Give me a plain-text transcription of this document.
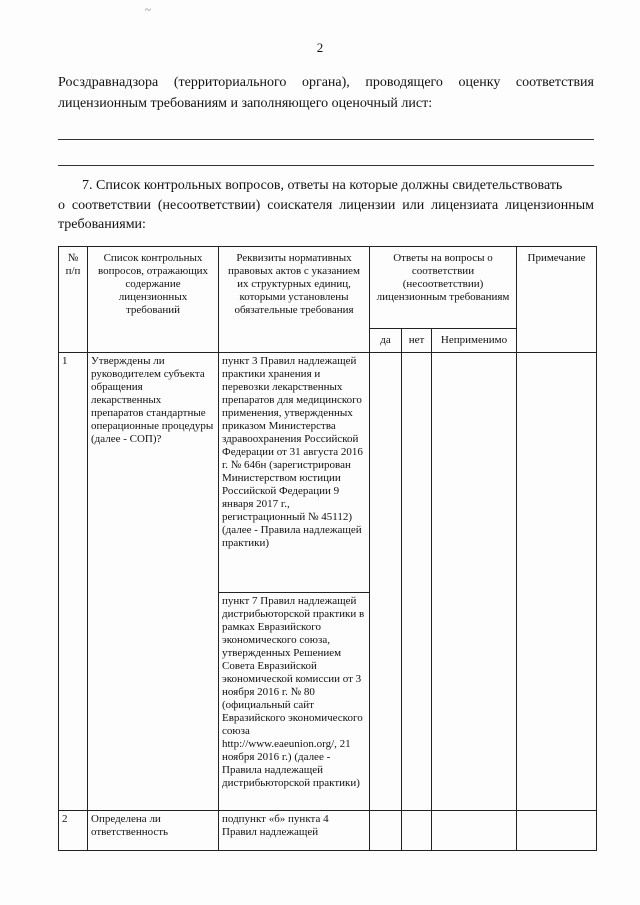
~
2
Росздравнадзора (территориального органа), проводящего оценку соответствия лицензионным требованиям и заполняющего оценочный лист:
7. Список контрольных вопросов, ответы на которые должны свидетельствовать
о соответствии (несоответствии) соискателя лицензии или лицензиата лицензионным требованиями:
№ п/п	Список контрольных вопросов, отражающих содержание лицензионных требований	Реквизиты нормативных правовых актов с указанием их структурных единиц, которыми установлены обязательные требования	Ответы на вопросы о соответствии (несоответствии) лицензионным требованиям			Примечание
			да	нет	Неприменимо	
1	Утверждены ли руководителем субъекта обращения лекарственных препаратов стандартные операционные процедуры (далее - СОП)?	пункт 3 Правил надлежащей практики хранения и перевозки лекарственных препаратов для медицинского применения, утвержденных приказом Министерства здравоохранения Российской Федерации от 31 августа 2016 г. № 646н (зарегистрирован Министерством юстиции Российской Федерации 9 января 2017 г., регистрационный № 45112) (далее - Правила надлежащей практики)				
		пункт 7 Правил надлежащей дистрибьюторской практики в рамках Евразийского экономического союза, утвержденных Решением Совета Евразийской экономической комиссии от 3 ноября 2016 г. № 80 (официальный сайт Евразийского экономического союза http://www.eaeunion.org/, 21 ноября 2016 г.) (далее - Правила надлежащей дистрибьюторской практики)				
2	Определена ли ответственность	подпункт «б» пункта 4 Правил надлежащей				
